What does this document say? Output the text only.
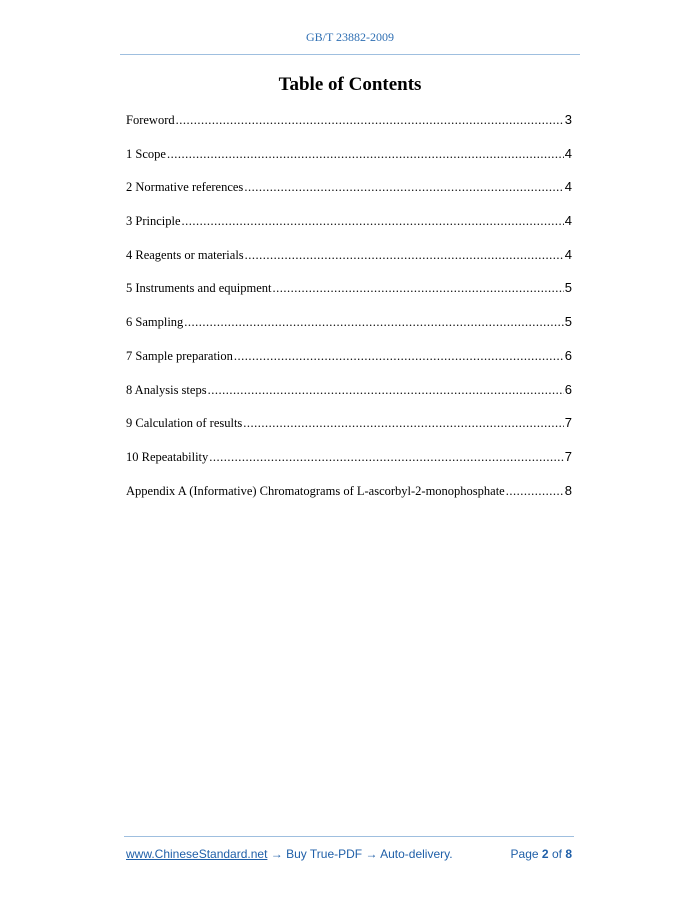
GB/T 23882-2009
Table of Contents
Foreword .....	3
1 Scope .....	4
2 Normative references .....	4
3 Principle .....	4
4 Reagents or materials .....	4
5 Instruments and equipment .....	5
6 Sampling .....	5
7 Sample preparation .....	6
8 Analysis steps .....	6
9 Calculation of results .....	7
10 Repeatability .....	7
Appendix A (Informative) Chromatograms of L-ascorbyl-2-monophosphate .....	8
www.ChineseStandard.net → Buy True-PDF → Auto-delivery.	Page 2 of 8
